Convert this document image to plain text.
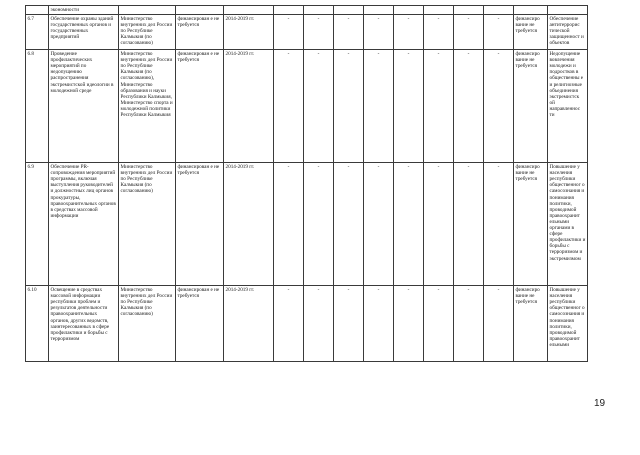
	экономности													
6.7	Обеспечение охраны зданий государственных органов и государственных предприятий	Министерство внутренних дел России по Республике Калмыкия (по согласованию)	финансирован е не требуется	2014-2019 гг.	-	-	-	-	-	-	-	-	финансиро вание не требуется	Обеспечение антитеррорис тической защищенност и объектов
6.8	Проведение профилактических мероприятий по недопущению распространения экстремистской идеологии в молодежной среде	Министерство внутренних дел России по Республике Калмыкия (по согласованию), Министерство образования и науки Республики Калмыкия, Министерство спорта и молодежной политики Республики Калмыкия	финансирован е не требуется	2014-2019 гг.	-	-	-	-	-	-	-	-	финансиро вание не требуется	Недопущение вовлечения молодежи и подростков в общественны е и религиозные объединения экстремистск ой направленнос ти
6.9	Обеспечение PR-сопровождения мероприятий программы, включая выступления руководителей и должностных лиц органов прокуратуры, правоохранительных органов в средствах массовой информации	Министерство внутренних дел России по Республике Калмыкия (по согласованию)	финансирован е не требуется	2014-2019 гг.	-	-	-	-	-	-	-	-	финансиро вание не требуется	Повышение у населения республики общественног о самосознания и понимания политики, проводимой правоохранит ельными органами в сфере профилактики и борьбы с терроризмом и экстремизмом
6.10	Освещение в средствах массовой информации республики проблем и результатов деятельности правоохранительных органов, других ведомств, заинтересованных в сфере профилактики и борьбы с терроризмом	Министерство внутренних дел России по Республике Калмыкия (по согласованию)	финансирован е не требуется	2014-2019 гг.	-	-	-	-	-	-	-	-	финансиро вание не требуется	Повышение у населения республики общественног о самосознания и понимания политики, проводимой правоохранит ельными
19
